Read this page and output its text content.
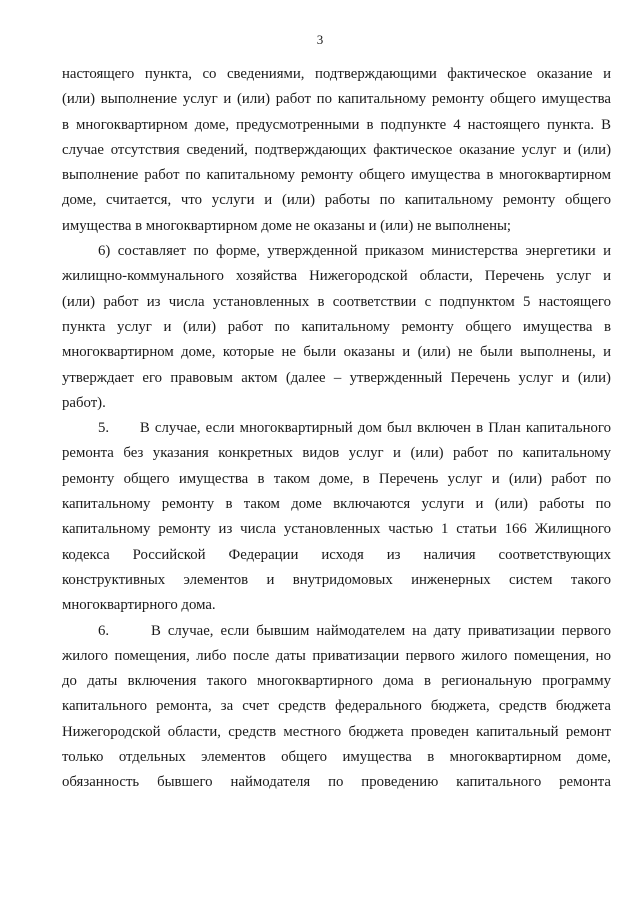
3
настоящего пункта, со сведениями, подтверждающими фактическое оказание и
(или) выполнение услуг и (или) работ по капитальному ремонту общего имущества
в многоквартирном доме, предусмотренными в подпункте 4 настоящего пункта. В
случае отсутствия сведений, подтверждающих фактическое оказание услуг и (или)
выполнение работ по капитальному ремонту общего имущества в многоквартирном
доме, считается, что услуги и (или) работы по капитальному ремонту общего
имущества в многоквартирном доме не оказаны и (или) не выполнены;
6) составляет по форме, утвержденной приказом министерства энергетики и
жилищно-коммунального хозяйства Нижегородской области, Перечень услуг и
(или) работ из числа установленных в соответствии с подпунктом 5 настоящего
пункта услуг и (или) работ по капитальному ремонту общего имущества в
многоквартирном доме, которые не были оказаны и (или) не были выполнены, и
утверждает его правовым актом (далее – утвержденный Перечень услуг и (или)
работ).
5.      В случае, если многоквартирный дом был включен в План капитального
ремонта без указания конкретных видов услуг и (или) работ по капитальному
ремонту общего имущества в таком доме, в Перечень услуг и (или) работ по
капитальному ремонту в таком доме включаются услуги и (или) работы по
капитальному ремонту из числа установленных частью 1 статьи 166 Жилищного
кодекса Российской Федерации исходя из наличия соответствующих
конструктивных элементов и внутридомовых инженерных систем такого
многоквартирного дома.
6.      В случае, если бывшим наймодателем на дату приватизации первого
жилого помещения, либо после даты приватизации первого жилого помещения, но
до даты включения такого многоквартирного дома в региональную программу
капитального ремонта, за счет средств федерального бюджета, средств бюджета
Нижегородской области, средств местного бюджета проведен капитальный ремонт
только отдельных элементов общего имущества в многоквартирном доме,
обязанность бывшего наймодателя по проведению капитального ремонта
